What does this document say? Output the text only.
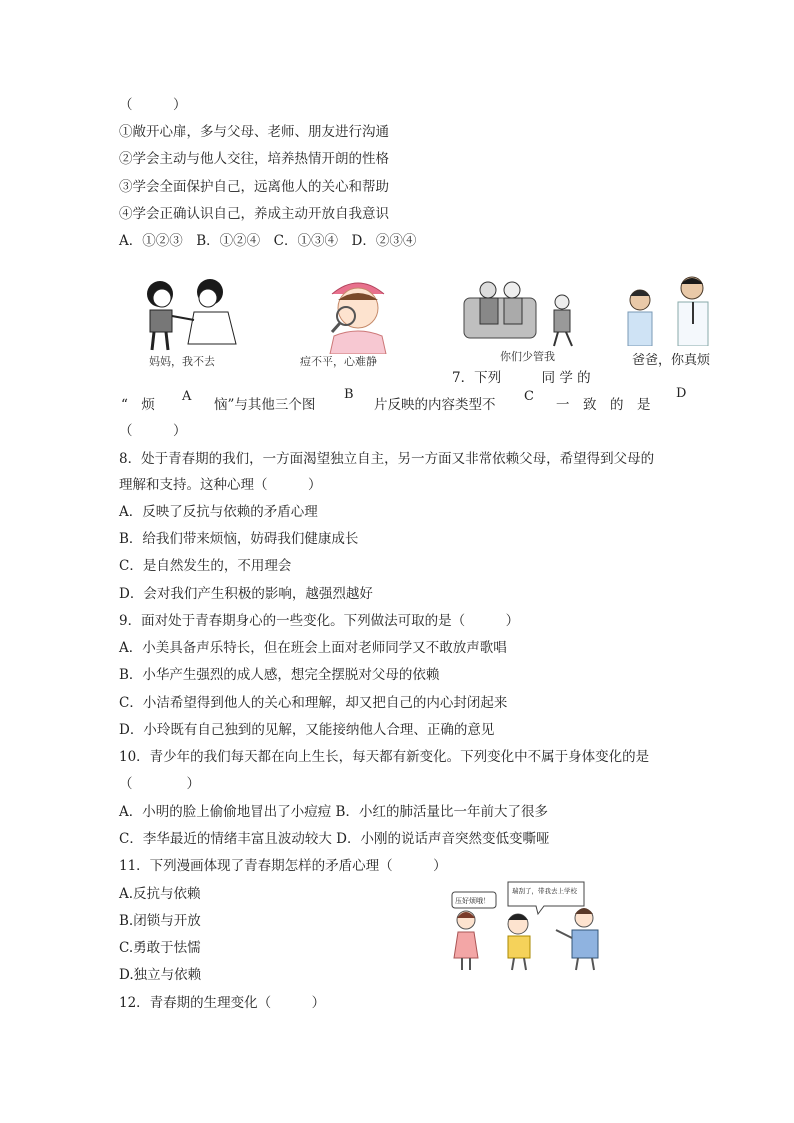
（　　　）
①敞开心扉，多与父母、老师、朋友进行沟通
②学会主动与他人交往，培养热情开朗的性格
③学会全面保护自己，远离他人的关心和帮助
④学会正确认识自己，养成主动开放自我意识
A．①②③　B．①②④　C．①③④　D．②③④
妈妈，我不去	痘不平，心难静	你们少管我	爸爸，你真烦
7．下列　　　同 学 的
A	B	C	D
“　烦	恼”与其他三个图	片反映的内容类型不	一　致　的　是
（　　　）
8．处于青春期的我们，一方面渴望独立自主，另一方面又非常依赖父母，希望得到父母的
理解和支持。这种心理（　　　）
A．反映了反抗与依赖的矛盾心理
B．给我们带来烦恼，妨碍我们健康成长
C．是自然发生的，不用理会
D．会对我们产生积极的影响，越强烈越好
9．面对处于青春期身心的一些变化。下列做法可取的是（　　　）
A．小美具备声乐特长，但在班会上面对老师同学又不敢放声歌唱
B．小华产生强烈的成人感，想完全摆脱对父母的依赖
C．小洁希望得到他人的关心和理解，却又把自己的内心封闭起来
D．小玲既有自己独到的见解，又能接纳他人合理、正确的意见
10．青少年的我们每天都在向上生长，每天都有新变化。下列变化中不属于身体变化的是
（　　　　）
A．小明的脸上偷偷地冒出了小痘痘 B．小红的肺活量比一年前大了很多
C．李华最近的情绪丰富且波动较大 D．小刚的说话声音突然变低变嘶哑
11．下列漫画体现了青春期怎样的矛盾心理（　　　）
A.反抗与依赖
B.闭锁与开放
C.勇敢于怯懦
D.独立与依赖
压好烦哦！
瑞刮了，带我去上学校
12．青春期的生理变化（　　　）
